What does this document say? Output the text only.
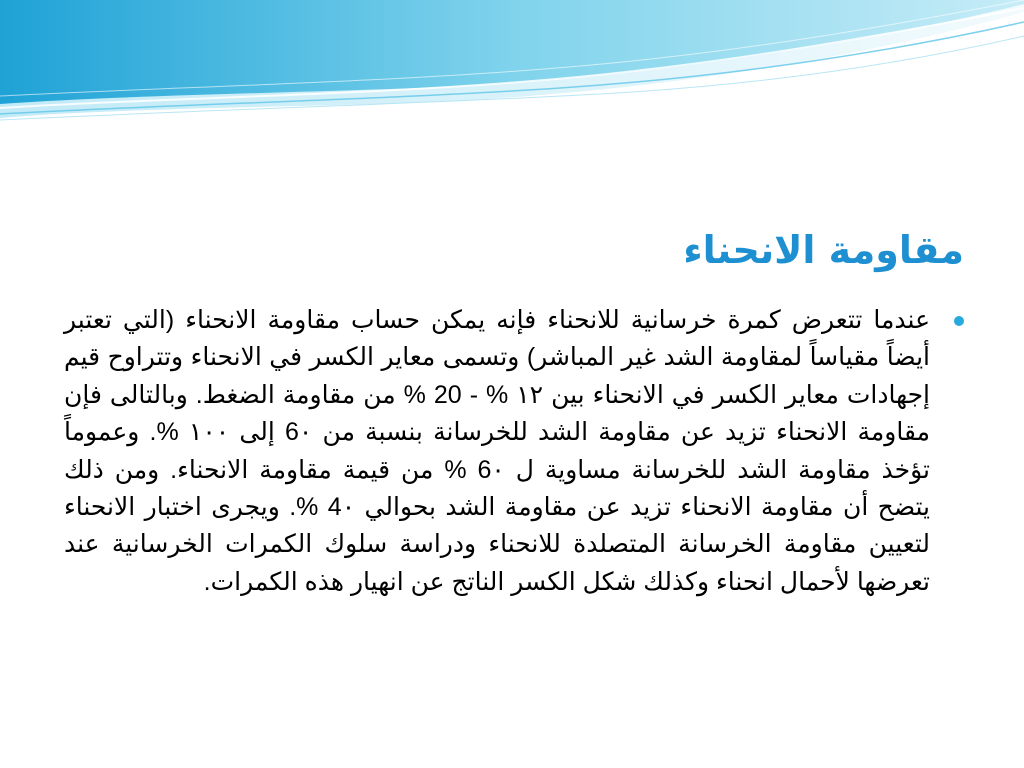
مقاومة الانحناء
عندما تتعرض كمرة خرسانية للانحناء فإنه يمكن حساب مقاومة الانحناء (التي تعتبر أيضاً مقياساً لمقاومة الشد غير المباشر) وتسمى معاير الكسر في الانحناء وتتراوح قيم إجهادات معاير الكسر في الانحناء بين ١٢ % - 20 % من مقاومة الضغط. وبالتالى فإن مقاومة الانحناء تزيد عن مقاومة الشد للخرسانة بنسبة من 6٠ إلى ١٠٠ %. وعموماً تؤخذ مقاومة الشد للخرسانة مساوية ل 6٠ % من قيمة مقاومة الانحناء. ومن ذلك يتضح أن مقاومة الانحناء تزيد عن مقاومة الشد بحوالي 4٠ %. ويجرى اختبار الانحناء لتعيين مقاومة الخرسانة المتصلدة للانحناء ودراسة سلوك الكمرات الخرسانية عند تعرضها لأحمال انحناء وكذلك شكل الكسر الناتج عن انهيار هذه الكمرات.
